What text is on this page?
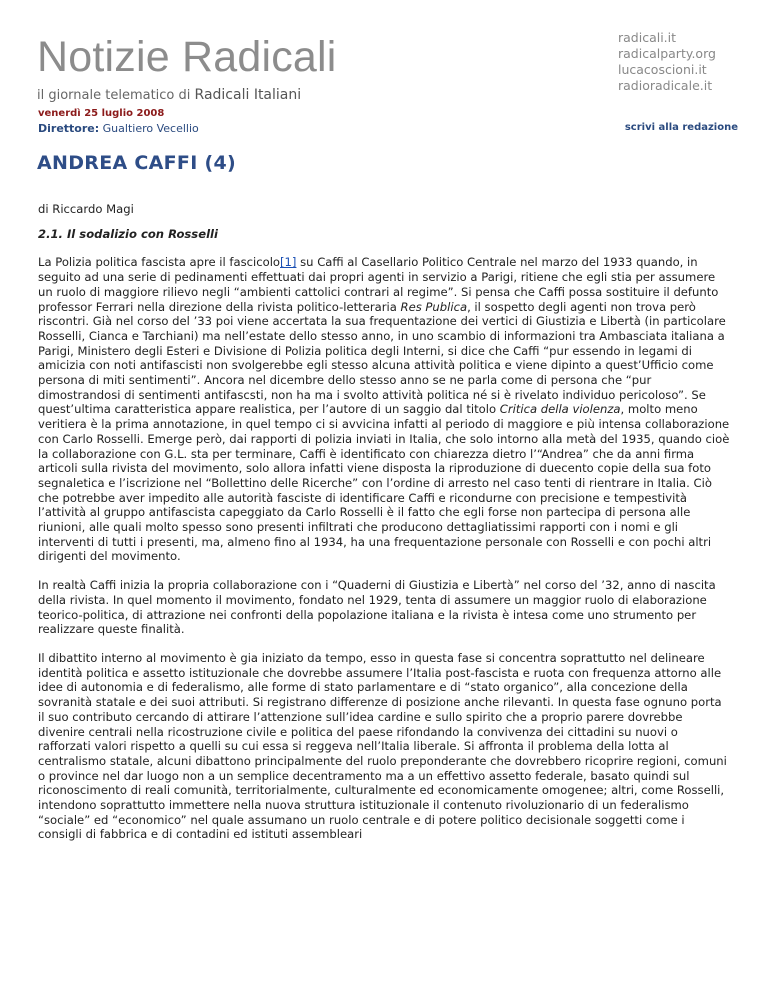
Notizie Radicali
il giornale telematico di Radicali Italiani
radicali.it
radicalparty.org
lucacoscioni.it
radioradicale.it
venerdì 25 luglio 2008
Direttore: Gualtiero Vecellio	scrivi alla redazione
ANDREA CAFFI (4)

di Riccardo Magi

2.1. Il sodalizio con Rosselli

La Polizia politica fascista apre il fascicolo[1] su Caffi al Casellario Politico Centrale nel marzo del 1933 quando, in seguito ad una serie di pedinamenti effettuati dai propri agenti in servizio a Parigi, ritiene che egli stia per assumere un ruolo di maggiore rilievo negli “ambienti cattolici contrari al regime”. Si pensa che Caffi possa sostituire il defunto professor Ferrari nella direzione della rivista politico-letteraria Res Publica, il sospetto degli agenti non trova però riscontri. Già nel corso del ’33 poi viene accertata la sua frequentazione dei vertici di Giustizia e Libertà (in particolare Rosselli, Cianca e Tarchiani) ma nell’estate dello stesso anno, in uno scambio di informazioni tra Ambasciata italiana a Parigi, Ministero degli Esteri e Divisione di Polizia politica degli Interni, si dice che Caffi “pur essendo in legami di amicizia con noti antifascisti non svolgerebbe egli stesso alcuna attività politica e viene dipinto a quest’Ufficio come persona di miti sentimenti”. Ancora nel dicembre dello stesso anno se ne parla come di persona che “pur dimostrandosi di sentimenti antifascsti, non ha ma i svolto attività politica né si è rivelato individuo pericoloso”. Se quest’ultima caratteristica appare realistica, per l’autore di un saggio dal titolo Critica della violenza, molto meno veritiera è la prima annotazione, in quel tempo ci si avvicina infatti al periodo di maggiore e più intensa collaborazione con Carlo Rosselli. Emerge però, dai rapporti di polizia inviati in Italia, che solo intorno alla metà del 1935, quando cioè la collaborazione con G.L. sta per terminare, Caffi è identificato con chiarezza dietro l’“Andrea” che da anni firma articoli sulla rivista del movimento, solo allora infatti viene disposta la riproduzione di duecento copie della sua foto segnaletica e l’iscrizione nel “Bollettino delle Ricerche” con l’ordine di arresto nel caso tenti di rientrare in Italia. Ciò che potrebbe aver impedito alle autorità fasciste di identificare Caffi e ricondurne con precisione e tempestività l’attività al gruppo antifascista capeggiato da Carlo Rosselli è il fatto che egli forse non partecipa di persona alle riunioni, alle quali molto spesso sono presenti infiltrati che producono dettagliatissimi rapporti con i nomi e gli interventi di tutti i presenti, ma, almeno fino al 1934, ha una frequentazione personale con Rosselli e con pochi altri dirigenti del movimento.

In realtà Caffi inizia la propria collaborazione con i “Quaderni di Giustizia e Libertà” nel corso del ’32, anno di nascita della rivista. In quel momento il movimento, fondato nel 1929, tenta di assumere un maggior ruolo di elaborazione teorico-politica, di attrazione nei confronti della popolazione italiana e la rivista è intesa come uno strumento per realizzare queste finalità.

Il dibattito interno al movimento è gia iniziato da tempo, esso in questa fase si concentra soprattutto nel delineare identità politica e assetto istituzionale che dovrebbe assumere l’Italia post-fascista e ruota con frequenza attorno alle idee di autonomia e di federalismo, alle forme di stato parlamentare e di “stato organico”, alla concezione della sovranità statale e dei suoi attributi. Si registrano differenze di posizione anche rilevanti. In questa fase ognuno porta il suo contributo cercando di attirare l’attenzione sull’idea cardine e sullo spirito che a proprio parere dovrebbe divenire centrali nella ricostruzione civile e politica del paese rifondando la convivenza dei cittadini su nuovi o rafforzati valori rispetto a quelli su cui essa si reggeva nell’Italia liberale. Si affronta il problema della lotta al centralismo statale, alcuni dibattono principalmente del ruolo preponderante che dovrebbero ricoprire regioni, comuni o province nel dar luogo non a un semplice decentramento ma a un effettivo assetto federale, basato quindi sul riconoscimento di reali comunità, territorialmente, culturalmente ed economicamente omogenee; altri, come Rosselli, intendono soprattutto immettere nella nuova struttura istituzionale il contenuto rivoluzionario di un federalismo “sociale” ed “economico” nel quale assumano un ruolo centrale e di potere politico decisionale soggetti come i consigli di fabbrica e di contadini ed istituti assembleari
